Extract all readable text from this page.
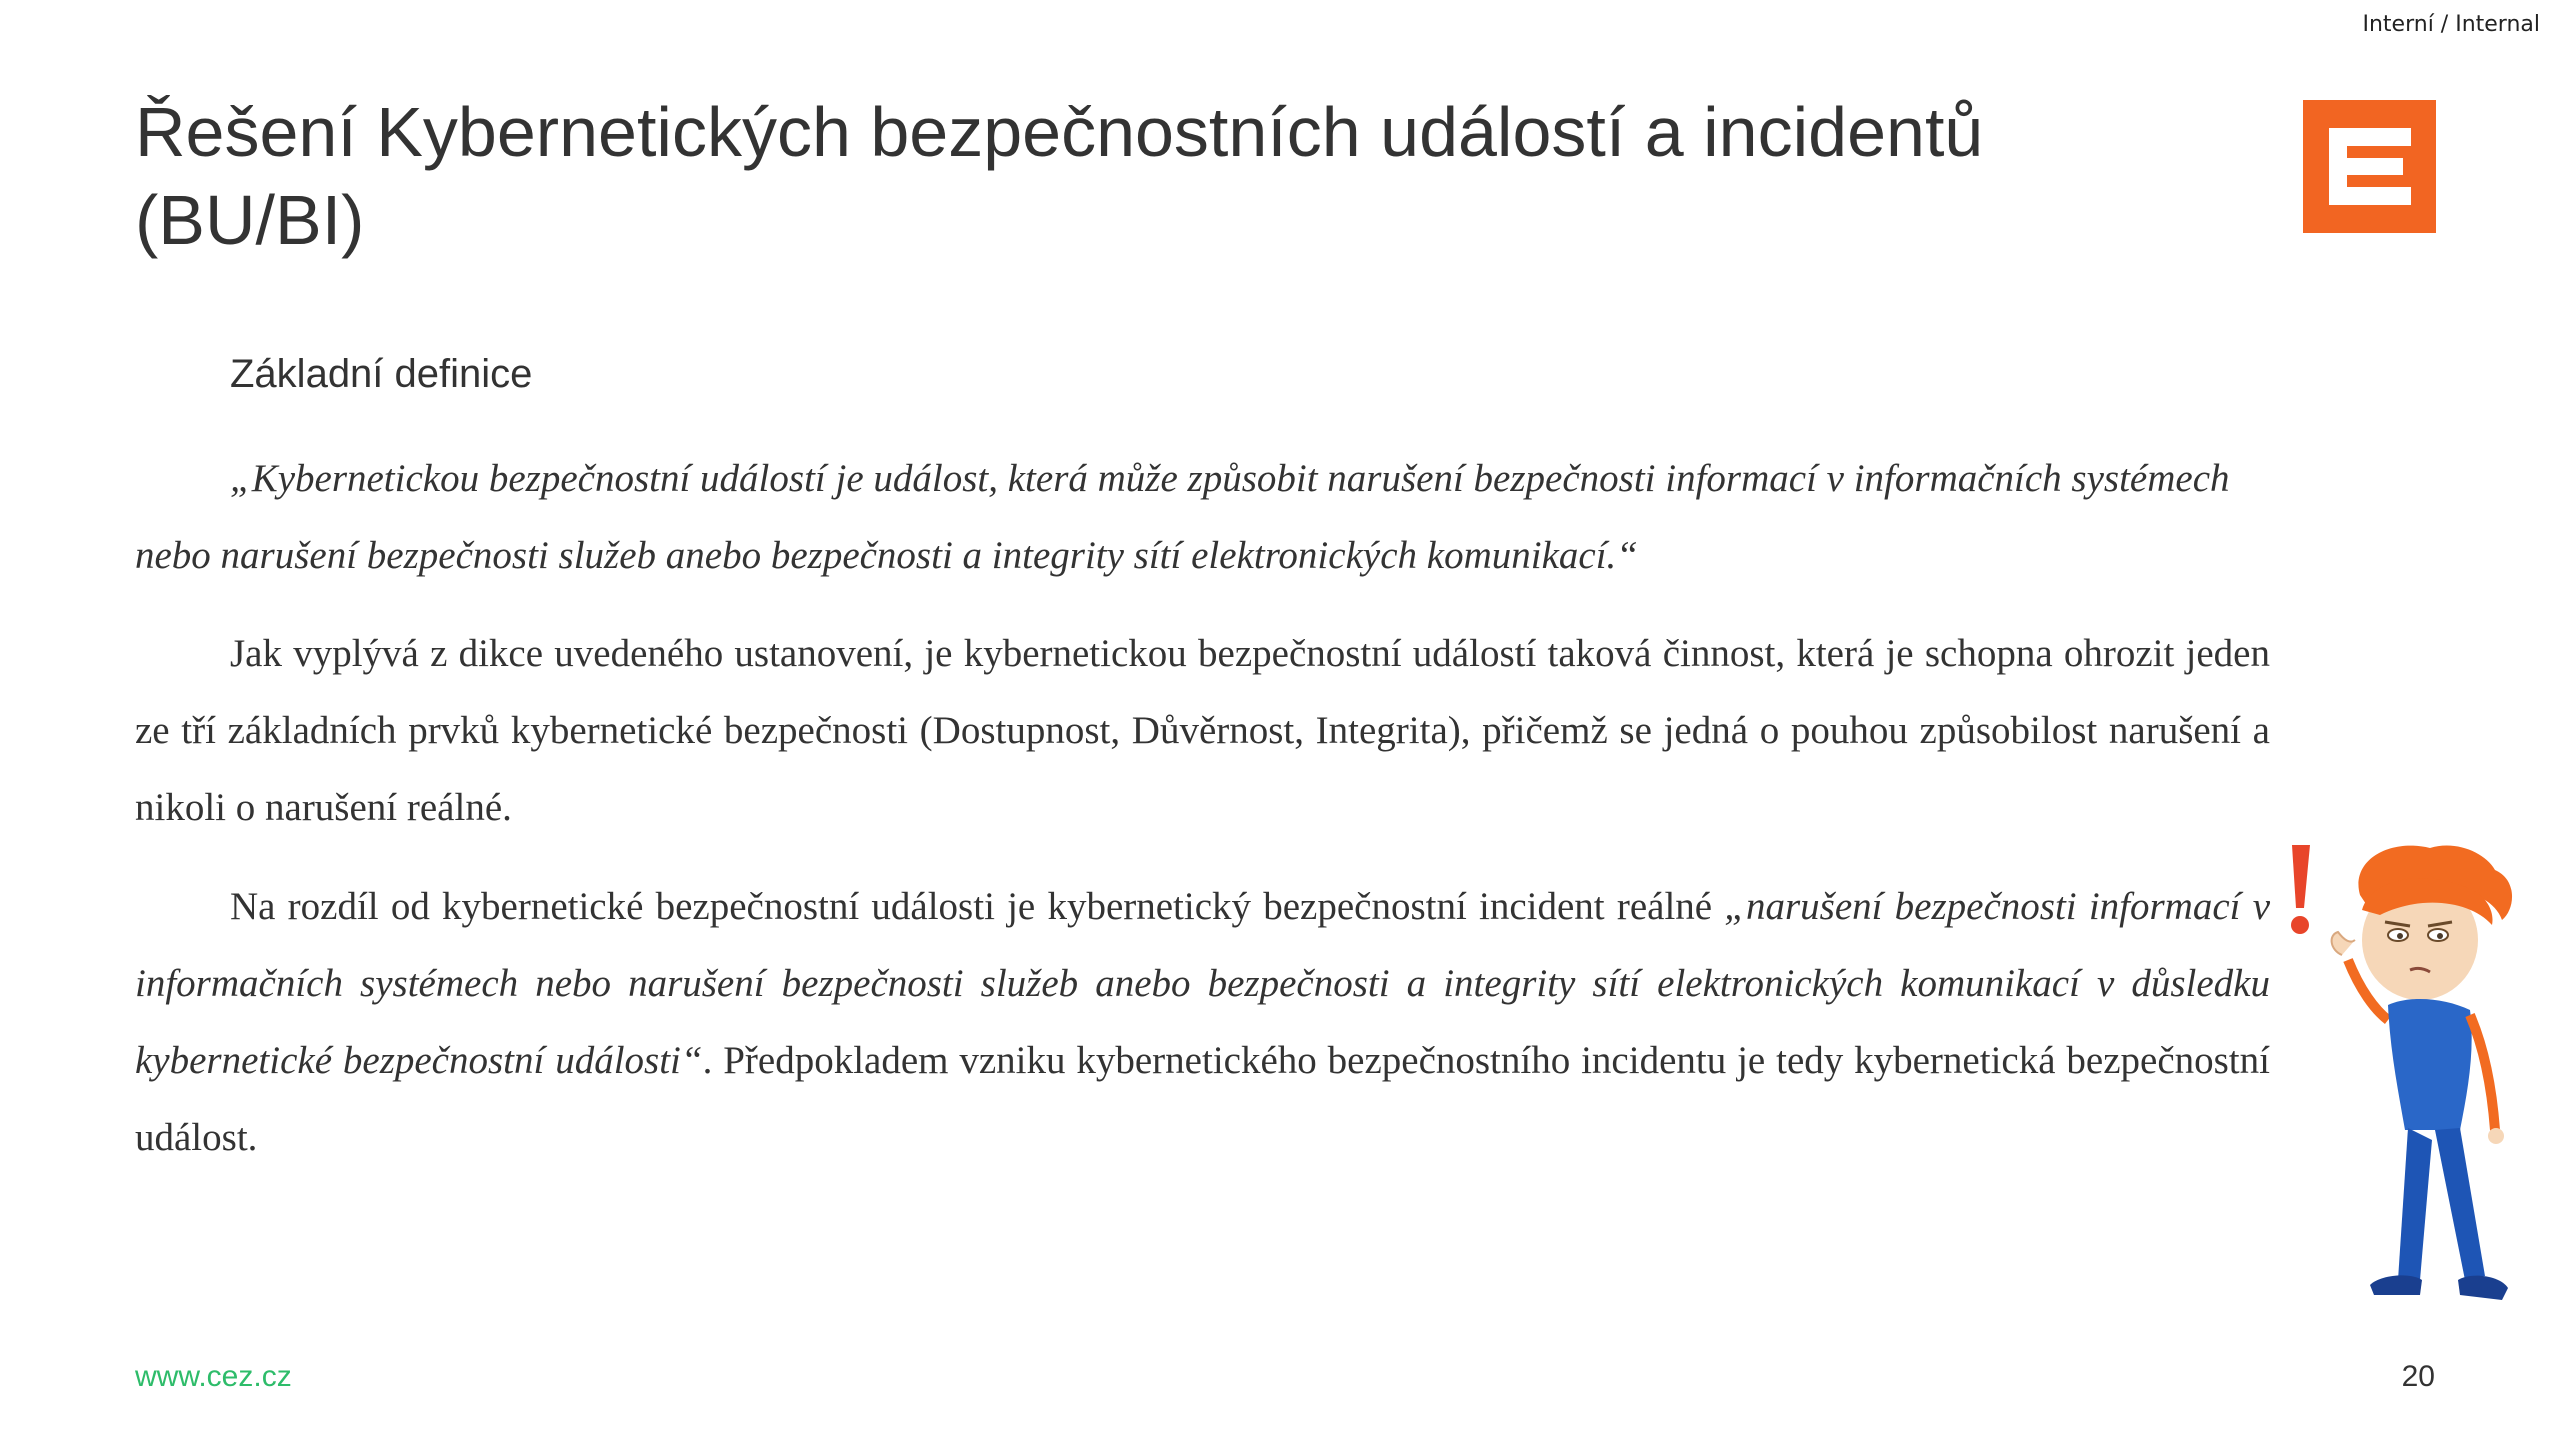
Interní / Internal
Řešení Kybernetických bezpečnostních událostí a incidentů (BU/BI)
Základní definice

„Kybernetickou bezpečnostní událostí je událost, která může způsobit narušení bezpečnosti informací v informačních systémech nebo narušení bezpečnosti služeb anebo bezpečnosti a integrity sítí elektronických komunikací.“

Jak vyplývá z dikce uvedeného ustanovení, je kybernetickou bezpečnostní událostí taková činnost, která je schopna ohrozit jeden ze tří základních prvků kybernetické bezpečnosti (Dostupnost, Důvěrnost, Integrita), přičemž se jedná o pouhou způsobilost narušení a nikoli o narušení reálné.

Na rozdíl od kybernetické bezpečnostní události je kybernetický bezpečnostní incident reálné „narušení bezpečnosti informací v informačních systémech nebo narušení bezpečnosti služeb anebo bezpečnosti a integrity sítí elektronických komunikací v důsledku kybernetické bezpečnostní události“. Předpokladem vzniku kybernetického bezpečnostního incidentu je tedy kybernetická bezpečnostní událost.

www.cez.cz	20
